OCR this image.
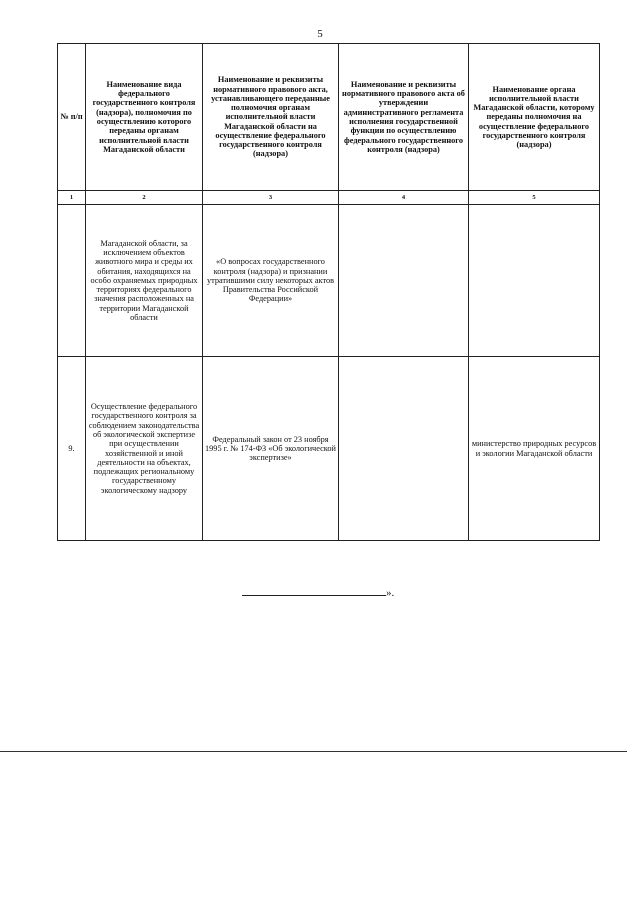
5
№ п/п	Наименование вида федерального государственного контроля (надзора), полномочия по осуществлению которого переданы органам исполнительной власти Магаданской области	Наименование и реквизиты нормативного правового акта, устанавливающего переданные полномочия органам исполнительной власти Магаданской области на осуществление федерального государственного контроля (надзора)	Наименование и реквизиты нормативного правового акта об утверждении административного регламента исполнения государственной функции по осуществлению федерального государственного контроля (надзора)	Наименование органа исполнительной власти Магаданской области, которому переданы полномочия на осуществление федерального государственного контроля (надзора)
1	2	3	4	5
	Магаданской области, за исключением объектов животного мира и среды их обитания, находящихся на особо охраняемых природных территориях федерального значения расположенных на территории Магаданской области	«О вопросах государственного контроля (надзора) и признании утратившими силу некоторых актов Правительства Российской Федерации»		
9.	Осуществление федерального государственного контроля за соблюдением законодательства об экологической экспертизе при осуществлении хозяйственной и иной деятельности на объектах, подлежащих региональному государственному экологическому надзору	Федеральный закон от 23 ноября 1995 г. № 174-ФЗ «Об экологической экспертизе»		министерство природных ресурсов и экологии Магаданской области
».
